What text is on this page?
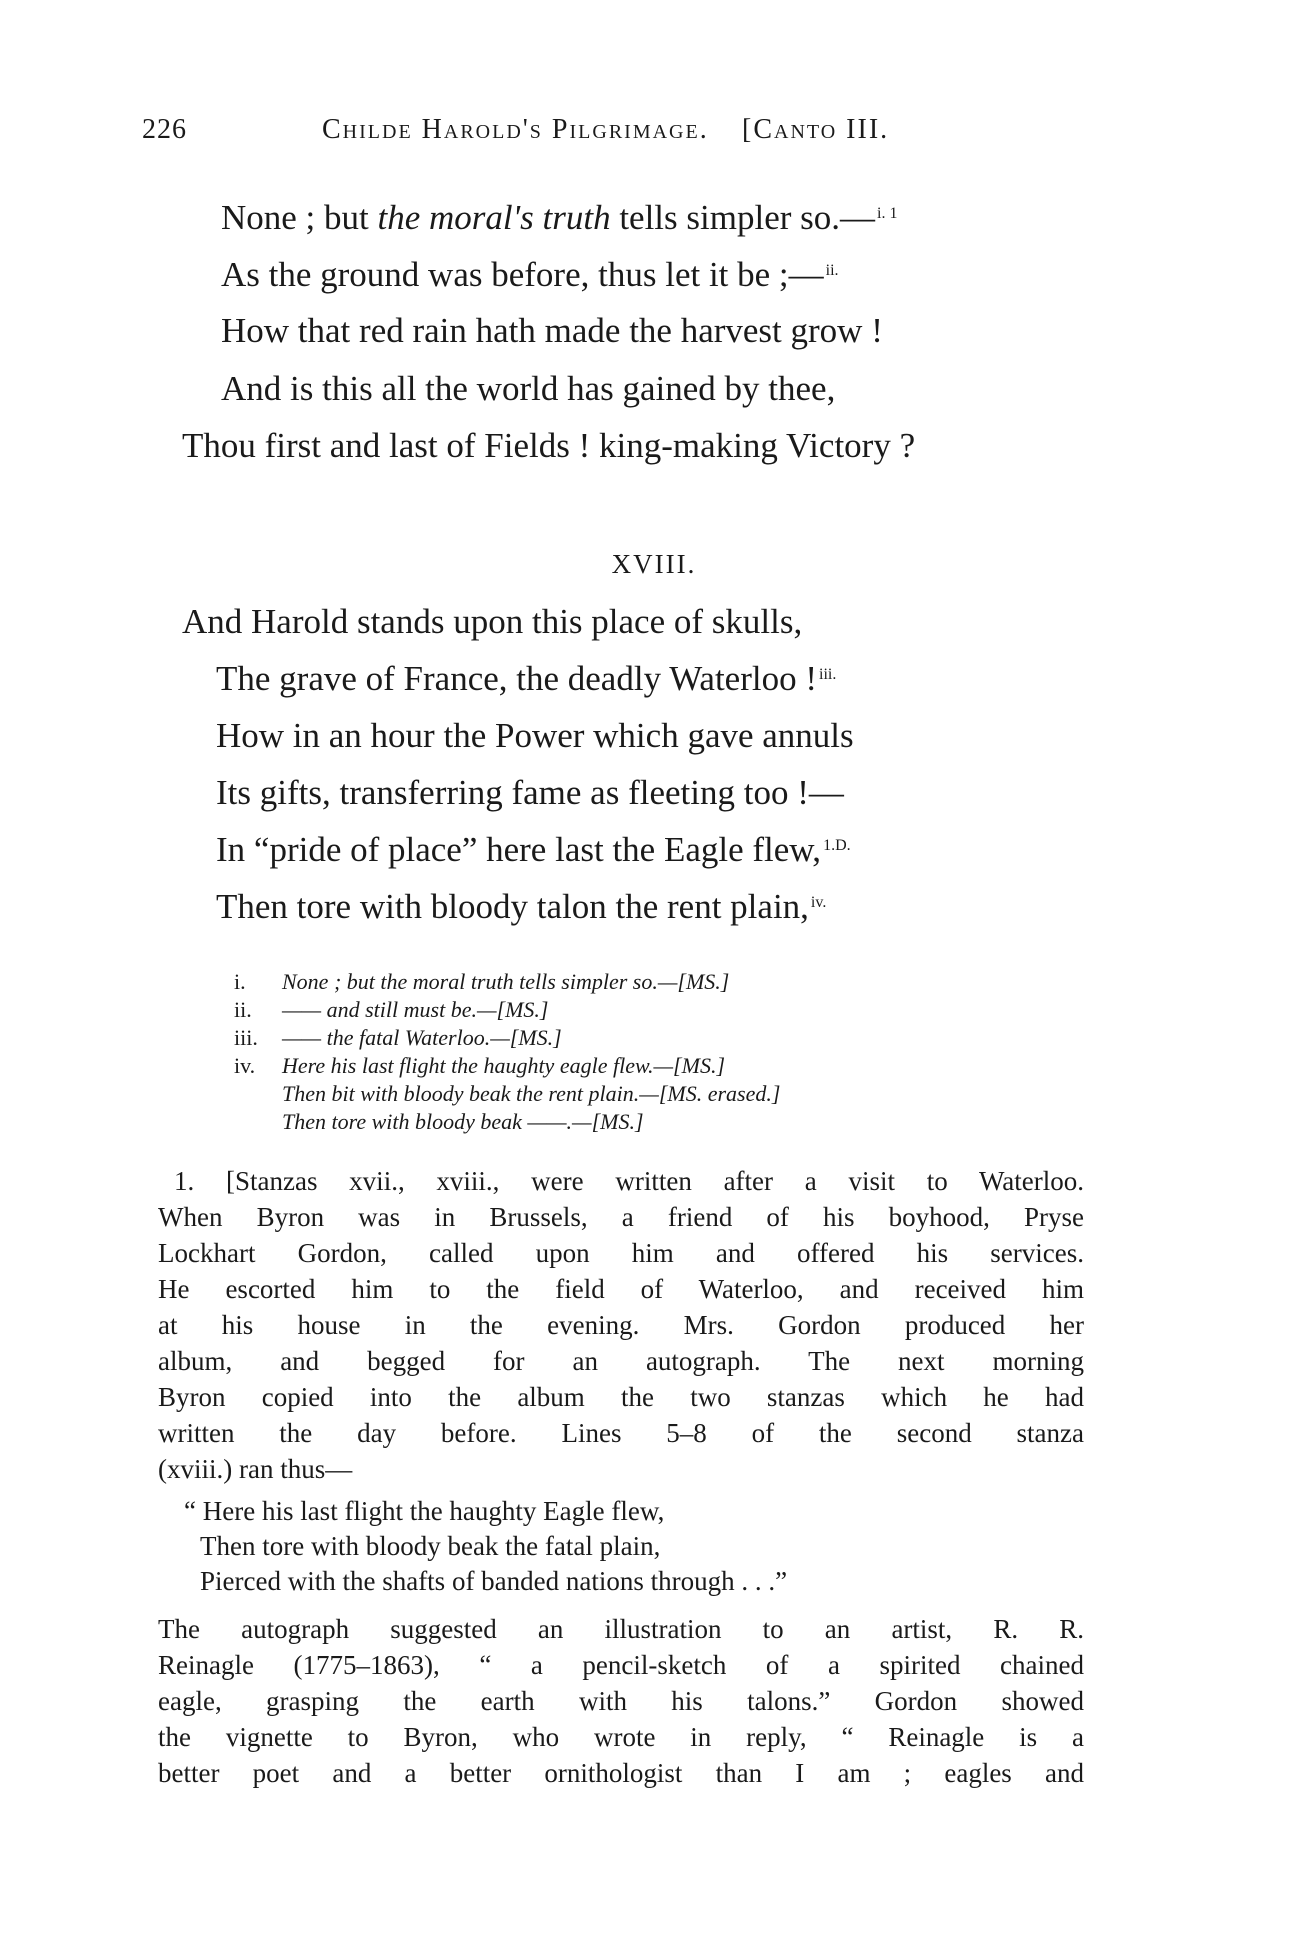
226	Childe Harold's Pilgrimage. [Canto III.
None ; but the moral's truth tells simpler so.— $^{i. 1}$
As the ground was before, thus let it be ;— $^{ii.}$
How that red rain hath made the harvest grow !
And is this all the world has gained by thee,
Thou first and last of Fields ! king-making Victory ?
XVIII.
And Harold stands upon this place of skulls,
The grave of France, the deadly Waterloo ! $^{iii.}$
How in an hour the Power which gave annuls
Its gifts, transferring fame as fleeting too !—
In “pride of place” here last the Eagle flew, $^{1.D.}$
Then tore with bloody talon the rent plain, $^{iv.}$
i.	None ; but the moral truth tells simpler so.—[MS.]
ii.	—— and still must be.—[MS.]
iii.	—— the fatal Waterloo.—[MS.]
iv.	Here his last flight the haughty eagle flew.—[MS.]
Then bit with bloody beak the rent plain.—[MS. erased.]
Then tore with bloody beak ——.—[MS.]
1. [Stanzas xvii., xviii., were written after a visit to Waterloo.
When Byron was in Brussels, a friend of his boyhood, Pryse
Lockhart Gordon, called upon him and offered his services.
He escorted him to the field of Waterloo, and received him
at his house in the evening. Mrs. Gordon produced her
album, and begged for an autograph. The next morning
Byron copied into the album the two stanzas which he had
written the day before. Lines 5–8 of the second stanza
(xviii.) ran thus—
“ Here his last flight the haughty Eagle flew,
Then tore with bloody beak the fatal plain,
Pierced with the shafts of banded nations through . . .”
The autograph suggested an illustration to an artist, R. R.
Reinagle (1775–1863), “ a pencil-sketch of a spirited chained
eagle, grasping the earth with his talons.” Gordon showed
the vignette to Byron, who wrote in reply, “ Reinagle is a
better poet and a better ornithologist than I am ; eagles and
